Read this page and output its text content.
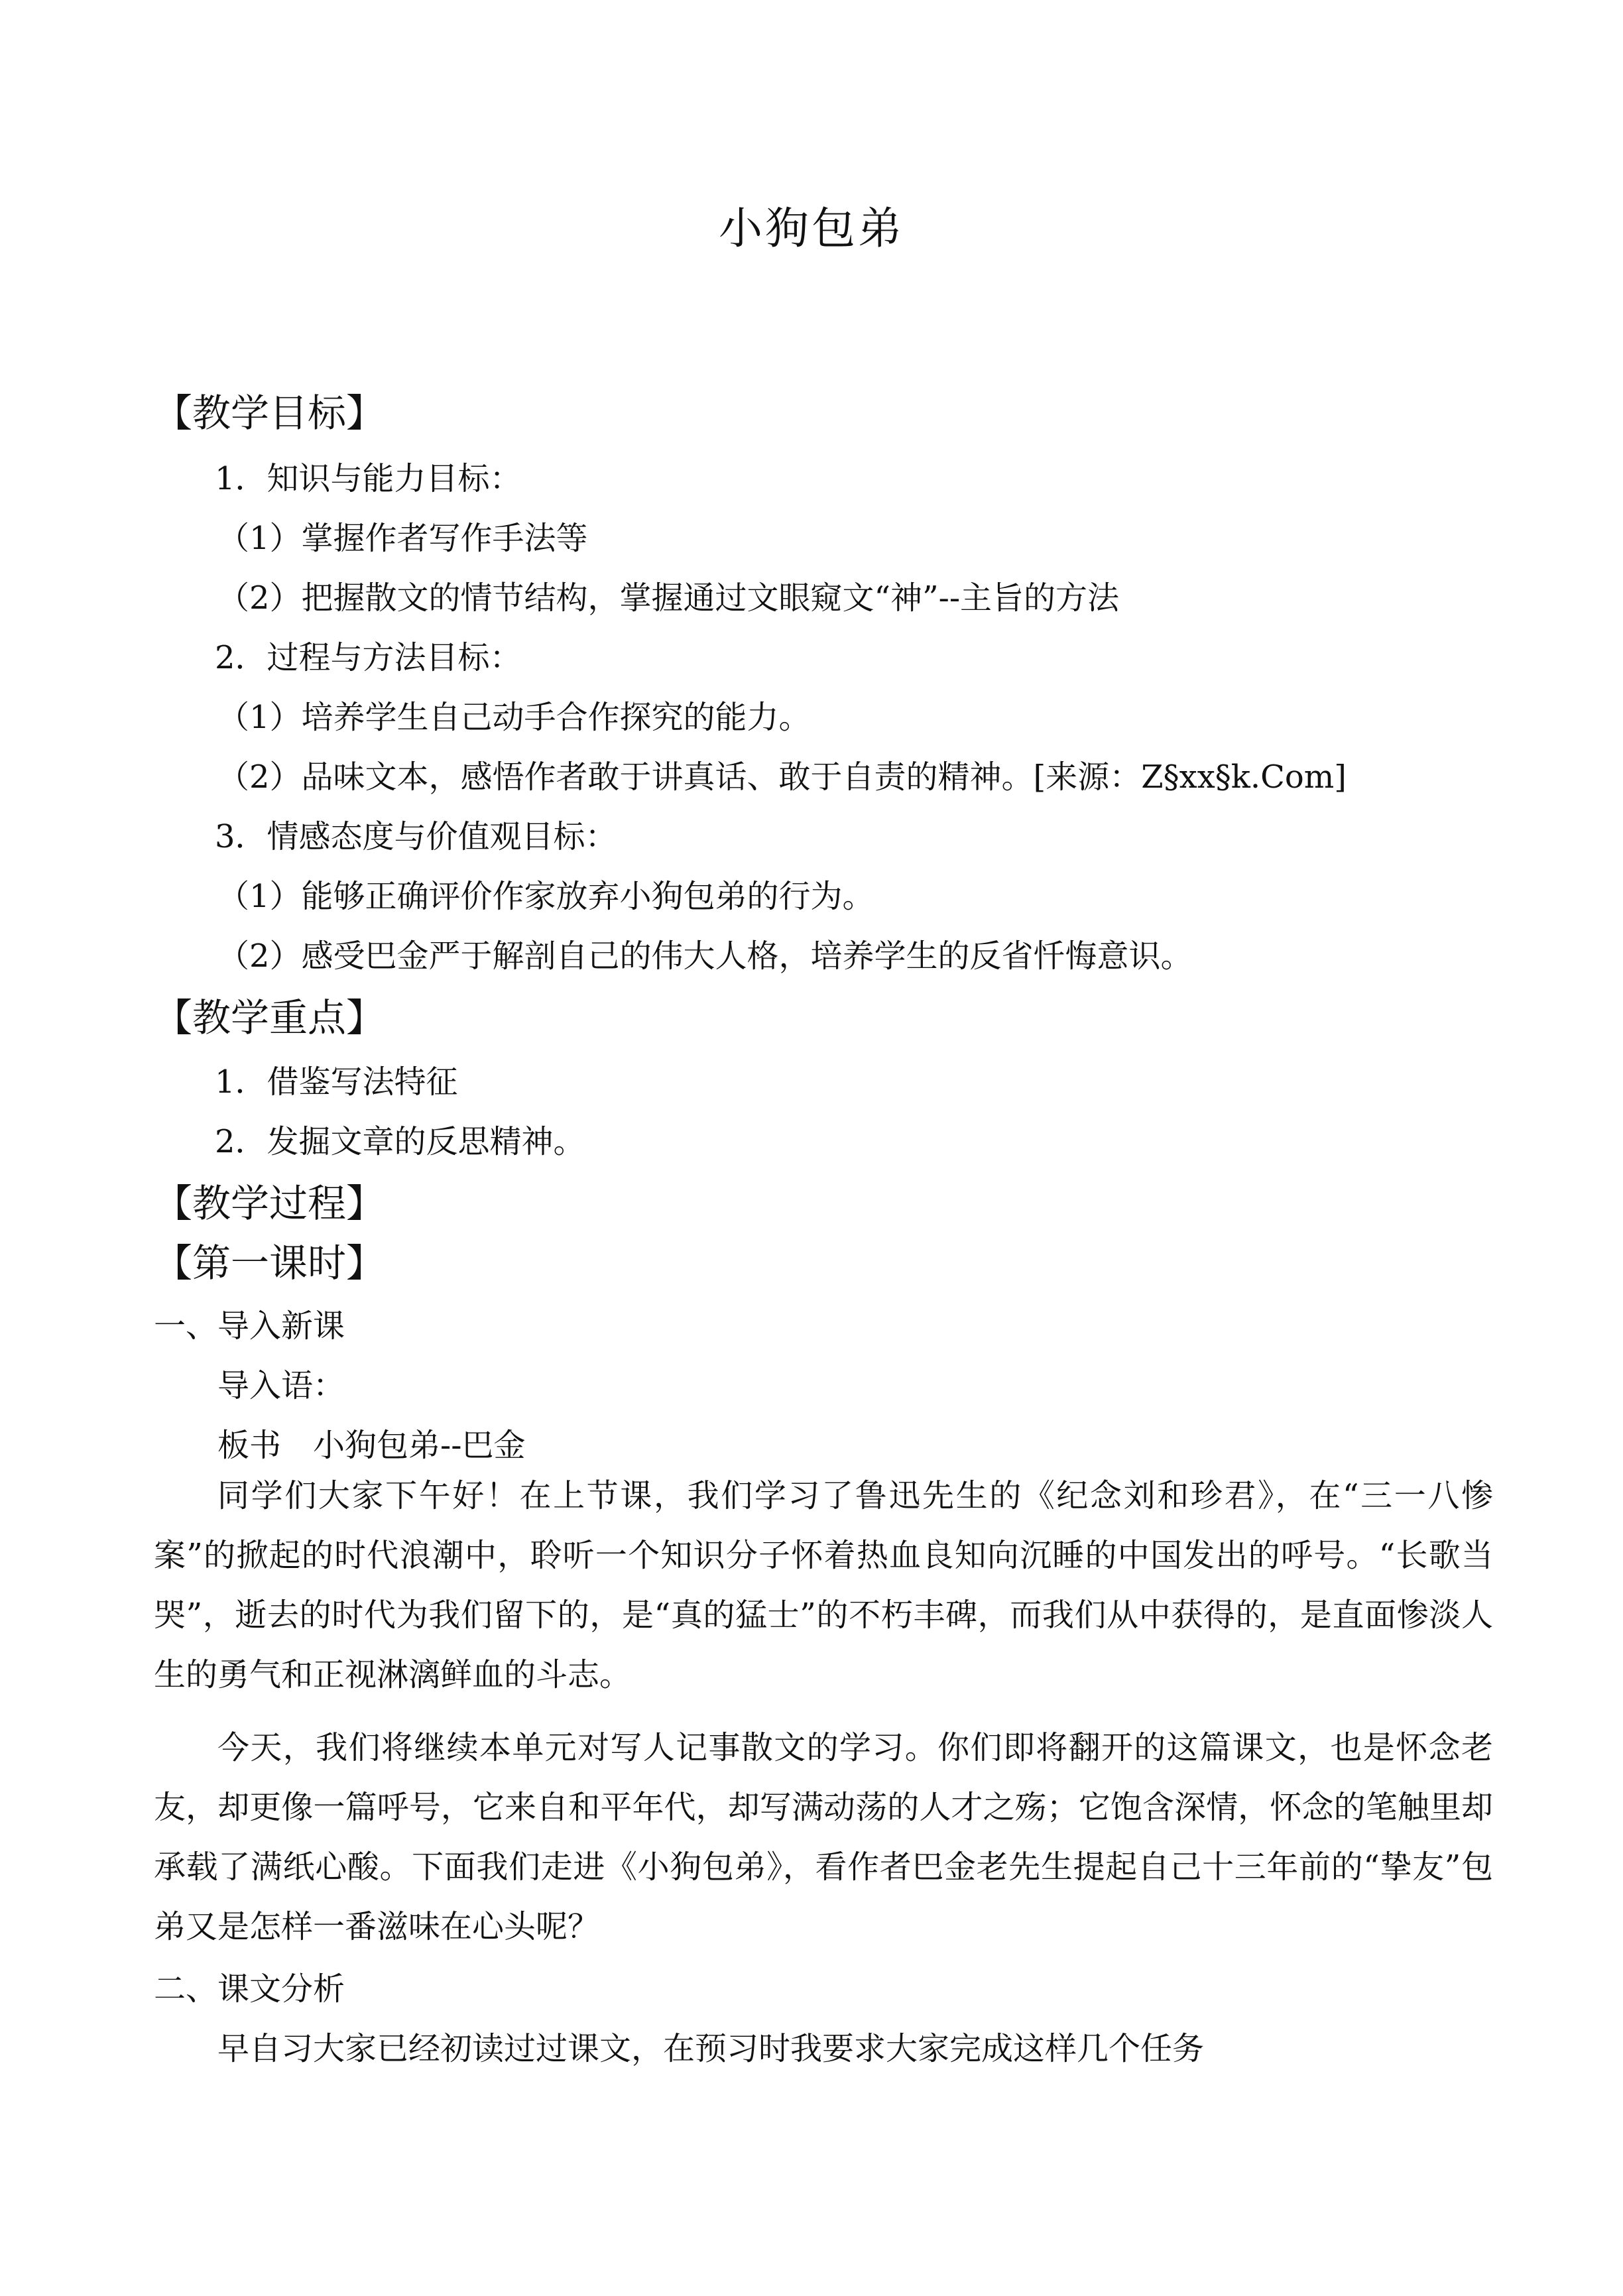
小狗包弟
【教学目标】
1．知识与能力目标：
（1）掌握作者写作手法等
（2）把握散文的情节结构，掌握通过文眼窥文“神”--主旨的方法
2．过程与方法目标：
（1）培养学生自己动手合作探究的能力。
（2）品味文本，感悟作者敢于讲真话、敢于自责的精神。[来源：Z§xx§k.Com]
3．情感态度与价值观目标：
（1）能够正确评价作家放弃小狗包弟的行为。
（2）感受巴金严于解剖自己的伟大人格，培养学生的反省忏悔意识。
【教学重点】
1．借鉴写法特征
2．发掘文章的反思精神。
【教学过程】
【第一课时】
一、导入新课
导入语：
板书　小狗包弟--巴金

同学们大家下午好！在上节课，我们学习了鲁迅先生的《纪念刘和珍君》，在“三一八惨案”的掀起的时代浪潮中，聆听一个知识分子怀着热血良知向沉睡的中国发出的呼号。“长歌当哭”，逝去的时代为我们留下的，是“真的猛士”的不朽丰碑，而我们从中获得的，是直面惨淡人生的勇气和正视淋漓鲜血的斗志。

今天，我们将继续本单元对写人记事散文的学习。你们即将翻开的这篇课文，也是怀念老友，却更像一篇呼号，它来自和平年代，却写满动荡的人才之殇；它饱含深情，怀念的笔触里却承载了满纸心酸。下面我们走进《小狗包弟》，看作者巴金老先生提起自己十三年前的“挚友”包弟又是怎样一番滋味在心头呢？

二、课文分析
早自习大家已经初读过过课文，在预习时我要求大家完成这样几个任务
